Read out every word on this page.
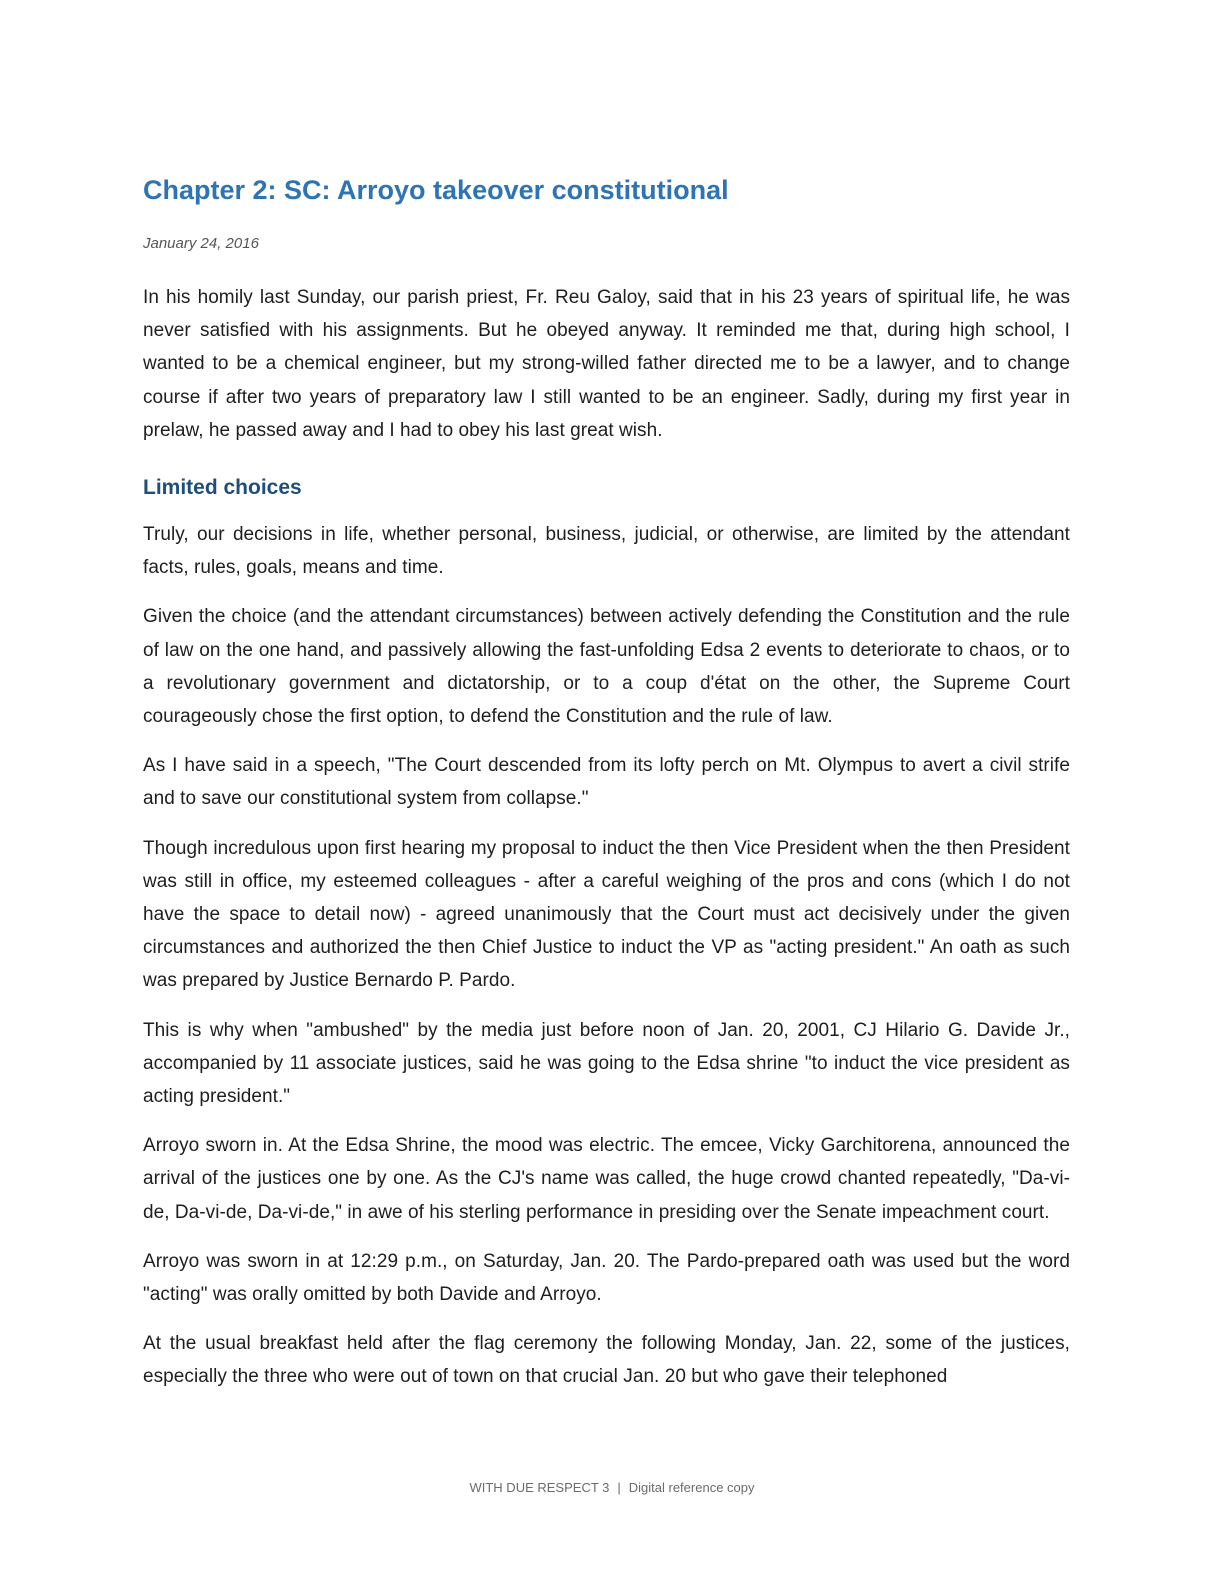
Chapter 2: SC: Arroyo takeover constitutional
January 24, 2016

In his homily last Sunday, our parish priest, Fr. Reu Galoy, said that in his 23 years of spiritual life, he was never satisfied with his assignments. But he obeyed anyway. It reminded me that, during high school, I wanted to be a chemical engineer, but my strong-willed father directed me to be a lawyer, and to change course if after two years of preparatory law I still wanted to be an engineer. Sadly, during my first year in prelaw, he passed away and I had to obey his last great wish.

Limited choices

Truly, our decisions in life, whether personal, business, judicial, or otherwise, are limited by the attendant facts, rules, goals, means and time.

Given the choice (and the attendant circumstances) between actively defending the Constitution and the rule of law on the one hand, and passively allowing the fast-unfolding Edsa 2 events to deteriorate to chaos, or to a revolutionary government and dictatorship, or to a coup d'état on the other, the Supreme Court courageously chose the first option, to defend the Constitution and the rule of law.

As I have said in a speech, "The Court descended from its lofty perch on Mt. Olympus to avert a civil strife and to save our constitutional system from collapse."

Though incredulous upon first hearing my proposal to induct the then Vice President when the then President was still in office, my esteemed colleagues - after a careful weighing of the pros and cons (which I do not have the space to detail now) - agreed unanimously that the Court must act decisively under the given circumstances and authorized the then Chief Justice to induct the VP as "acting president." An oath as such was prepared by Justice Bernardo P. Pardo.

This is why when "ambushed" by the media just before noon of Jan. 20, 2001, CJ Hilario G. Davide Jr., accompanied by 11 associate justices, said he was going to the Edsa shrine "to induct the vice president as acting president."

Arroyo sworn in. At the Edsa Shrine, the mood was electric. The emcee, Vicky Garchitorena, announced the arrival of the justices one by one. As the CJ's name was called, the huge crowd chanted repeatedly, "Da-vi-de, Da-vi-de, Da-vi-de," in awe of his sterling performance in presiding over the Senate impeachment court.

Arroyo was sworn in at 12:29 p.m., on Saturday, Jan. 20. The Pardo-prepared oath was used but the word "acting" was orally omitted by both Davide and Arroyo.

At the usual breakfast held after the flag ceremony the following Monday, Jan. 22, some of the justices, especially the three who were out of town on that crucial Jan. 20 but who gave their telephoned

WITH DUE RESPECT 3 | Digital reference copy
